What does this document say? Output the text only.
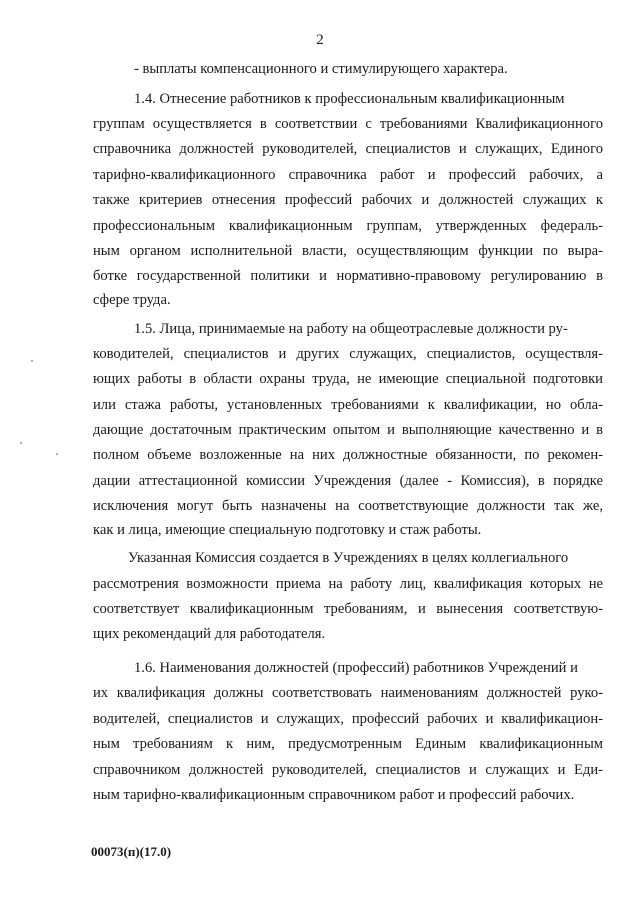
2
- выплаты компенсационного и стимулирующего характера.
1.4. Отнесение работников к профессиональным квалификационным
группам осуществляется в соответствии с требованиями Квалификационного
справочника должностей руководителей, специалистов и служащих, Единого
тарифно-квалификационного справочника работ и профессий рабочих, а
также критериев отнесения профессий рабочих и должностей служащих к
профессиональным квалификационным группам, утвержденных федераль-
ным органом исполнительной власти, осуществляющим функции по выра-
ботке государственной политики и нормативно-правовому регулированию в
сфере труда.
1.5. Лица, принимаемые на работу на общеотраслевые должности ру-
ководителей, специалистов и других служащих, специалистов, осуществля-
ющих работы в области охраны труда, не имеющие специальной подготовки
или стажа работы, установленных требованиями к квалификации, но обла-
дающие достаточным практическим опытом и выполняющие качественно и в
полном объеме возложенные на них должностные обязанности, по рекомен-
дации аттестационной комиссии Учреждения (далее - Комиссия), в порядке
исключения могут быть назначены на соответствующие должности так же,
как и лица, имеющие специальную подготовку и стаж работы.
Указанная Комиссия создается в Учреждениях в целях коллегиального
рассмотрения возможности приема на работу лиц, квалификация которых не
соответствует квалификационным требованиям, и вынесения соответствую-
щих рекомендаций для работодателя.
1.6. Наименования должностей (профессий) работников Учреждений и
их квалификация должны соответствовать наименованиям должностей руко-
водителей, специалистов и служащих, профессий рабочих и квалификацион-
ным требованиям к ним, предусмотренным Единым квалификационным
справочником должностей руководителей, специалистов и служащих и Еди-
ным тарифно-квалификационным справочником работ и профессий рабочих.
00073(п)(17.0)
